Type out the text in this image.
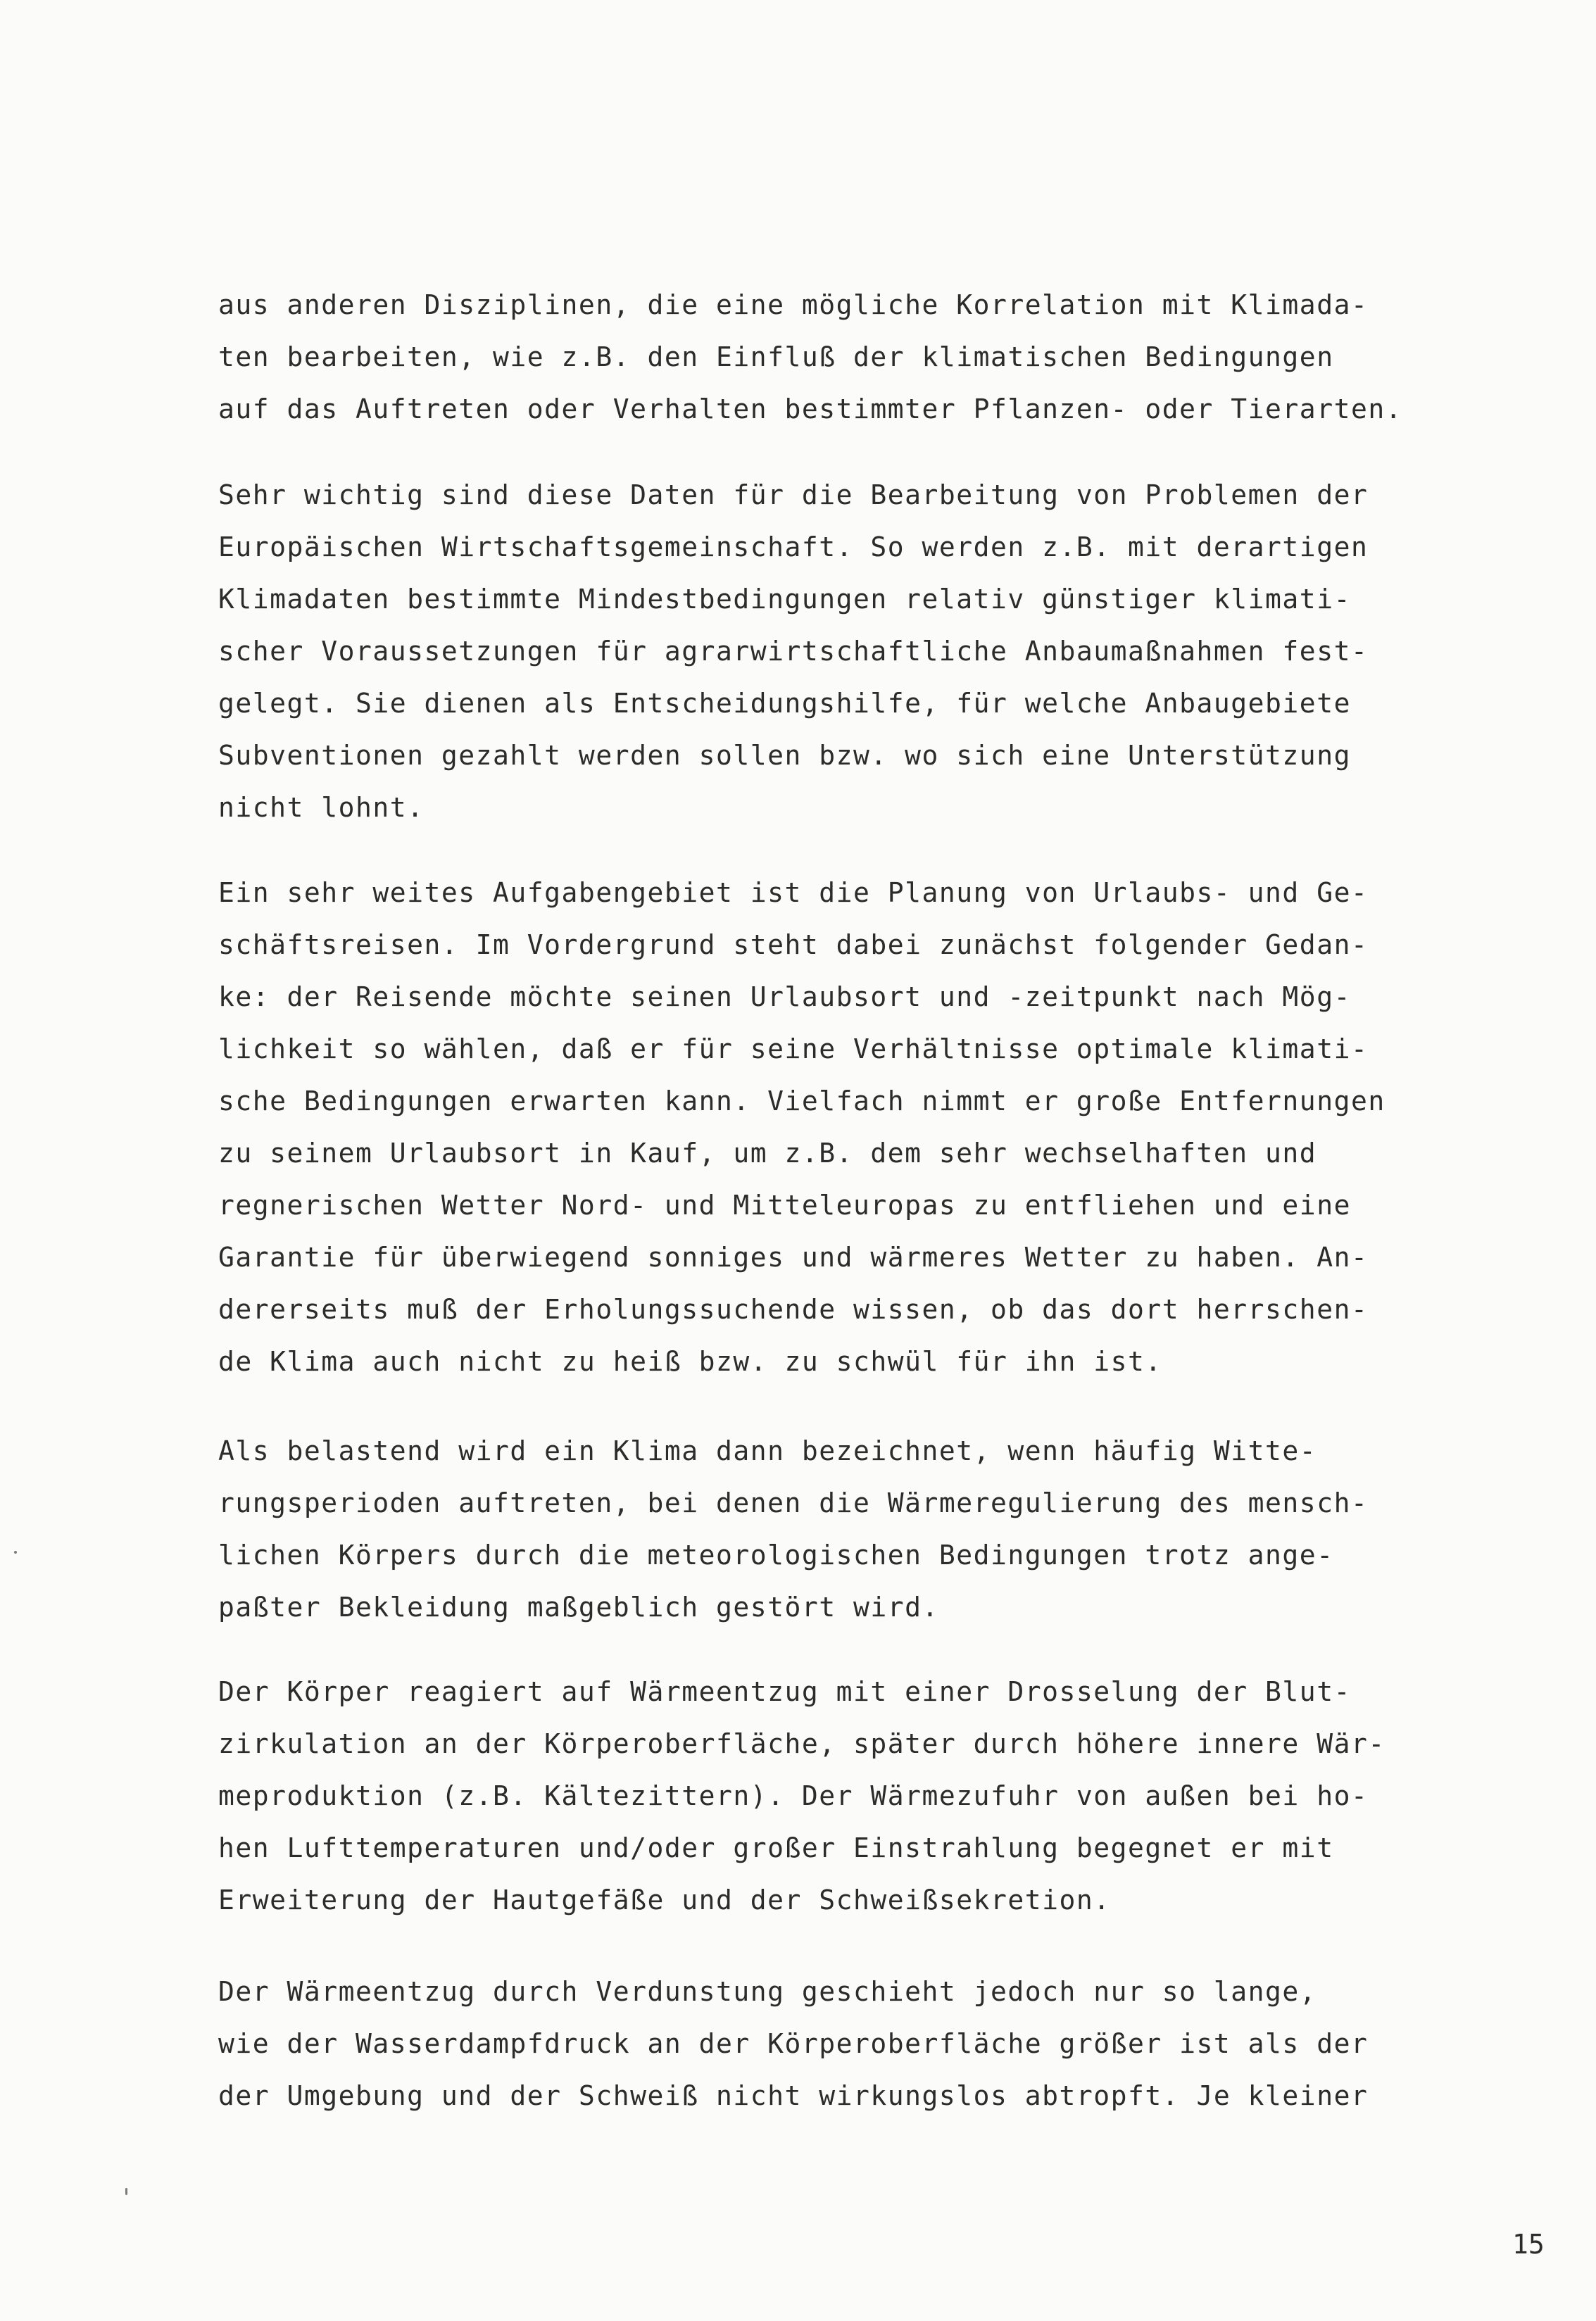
aus anderen Disziplinen, die eine mögliche Korrelation mit Klimada-
ten bearbeiten, wie z.B. den Einfluß der klimatischen Bedingungen
auf das Auftreten oder Verhalten bestimmter Pflanzen- oder Tierarten.
Sehr wichtig sind diese Daten für die Bearbeitung von Problemen der
Europäischen Wirtschaftsgemeinschaft. So werden z.B. mit derartigen
Klimadaten bestimmte Mindestbedingungen relativ günstiger klimati-
scher Voraussetzungen für agrarwirtschaftliche Anbaumaßnahmen fest-
gelegt. Sie dienen als Entscheidungshilfe, für welche Anbaugebiete
Subventionen gezahlt werden sollen bzw. wo sich eine Unterstützung
nicht lohnt.
Ein sehr weites Aufgabengebiet ist die Planung von Urlaubs- und Ge-
schäftsreisen. Im Vordergrund steht dabei zunächst folgender Gedan-
ke: der Reisende möchte seinen Urlaubsort und -zeitpunkt nach Mög-
lichkeit so wählen, daß er für seine Verhältnisse optimale klimati-
sche Bedingungen erwarten kann. Vielfach nimmt er große Entfernungen
zu seinem Urlaubsort in Kauf, um z.B. dem sehr wechselhaften und
regnerischen Wetter Nord- und Mitteleuropas zu entfliehen und eine
Garantie für überwiegend sonniges und wärmeres Wetter zu haben. An-
dererseits muß der Erholungssuchende wissen, ob das dort herrschen-
de Klima auch nicht zu heiß bzw. zu schwül für ihn ist.
Als belastend wird ein Klima dann bezeichnet, wenn häufig Witte-
rungsperioden auftreten, bei denen die Wärmeregulierung des mensch-
lichen Körpers durch die meteorologischen Bedingungen trotz ange-
paßter Bekleidung maßgeblich gestört wird.
Der Körper reagiert auf Wärmeentzug mit einer Drosselung der Blut-
zirkulation an der Körperoberfläche, später durch höhere innere Wär-
meproduktion (z.B. Kältezittern). Der Wärmezufuhr von außen bei ho-
hen Lufttemperaturen und/oder großer Einstrahlung begegnet er mit
Erweiterung der Hautgefäße und der Schweißsekretion.
Der Wärmeentzug durch Verdunstung geschieht jedoch nur so lange,
wie der Wasserdampfdruck an der Körperoberfläche größer ist als der
der Umgebung und der Schweiß nicht wirkungslos abtropft. Je kleiner
15
